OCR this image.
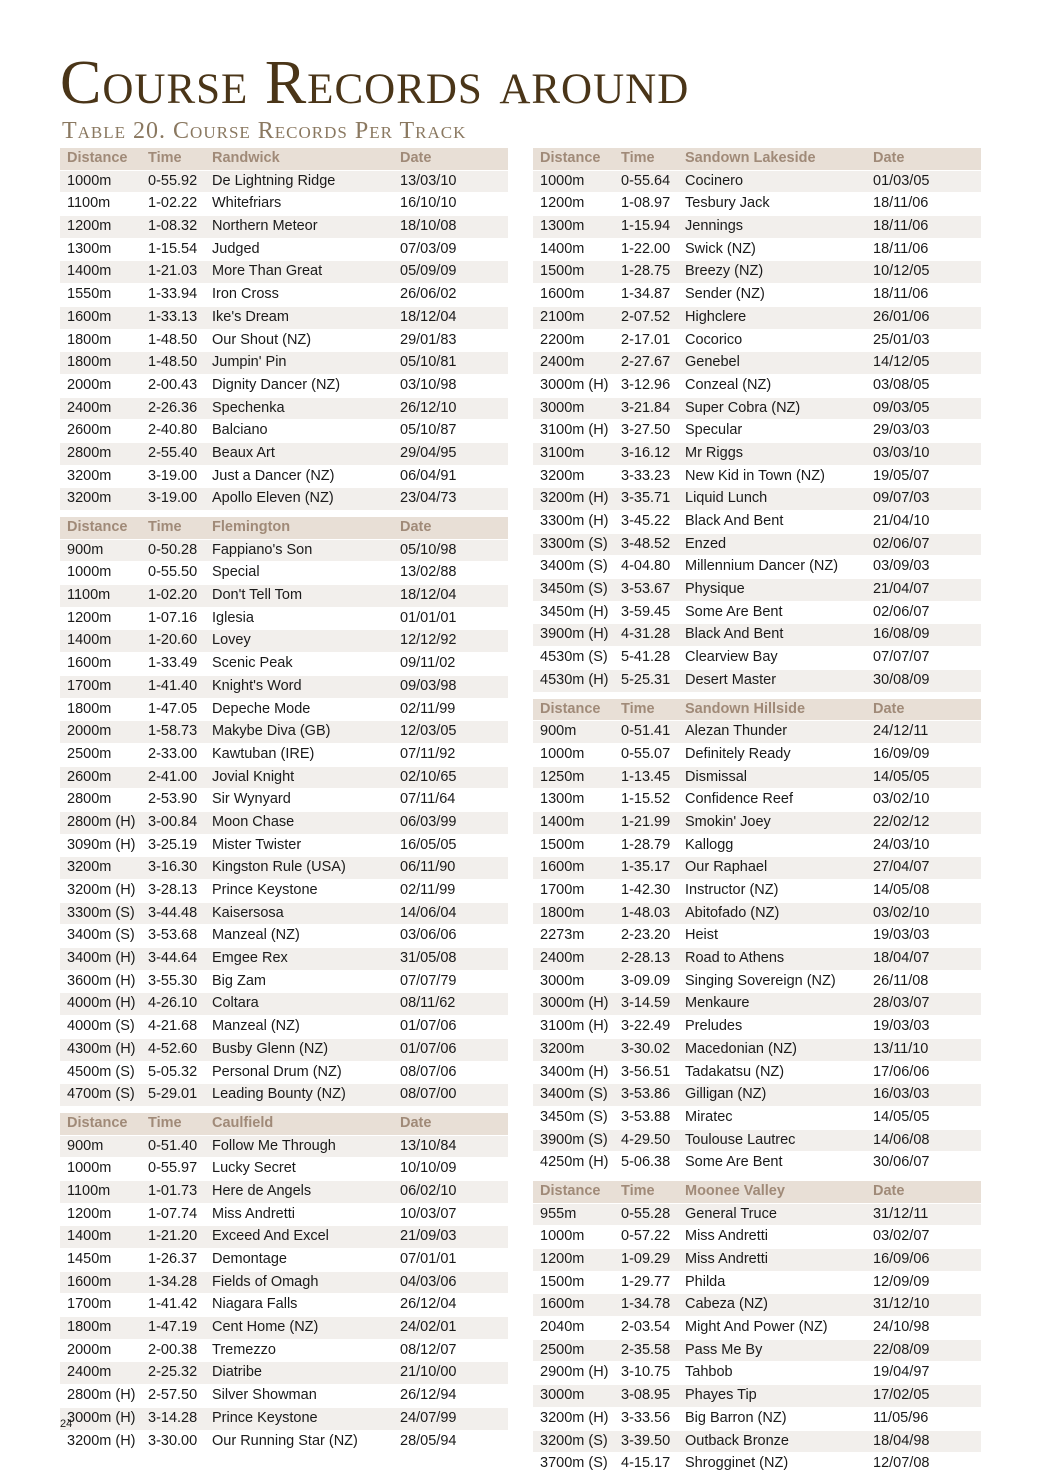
Course Records around
Table 20. Course Records Per Track
Distance	Time	Randwick	Date
1000m	0-55.92	De Lightning Ridge	13/03/10
1100m	1-02.22	Whitefriars	16/10/10
1200m	1-08.32	Northern Meteor	18/10/08
1300m	1-15.54	Judged	07/03/09
1400m	1-21.03	More Than Great	05/09/09
1550m	1-33.94	Iron Cross	26/06/02
1600m	1-33.13	Ike's Dream	18/12/04
1800m	1-48.50	Our Shout (NZ)	29/01/83
1800m	1-48.50	Jumpin' Pin	05/10/81
2000m	2-00.43	Dignity Dancer (NZ)	03/10/98
2400m	2-26.36	Spechenka	26/12/10
2600m	2-40.80	Balciano	05/10/87
2800m	2-55.40	Beaux Art	29/04/95
3200m	3-19.00	Just a Dancer (NZ)	06/04/91
3200m	3-19.00	Apollo Eleven (NZ)	23/04/73
Distance	Time	Flemington	Date
900m	0-50.28	Fappiano's Son	05/10/98
1000m	0-55.50	Special	13/02/88
1100m	1-02.20	Don't Tell Tom	18/12/04
1200m	1-07.16	Iglesia	01/01/01
1400m	1-20.60	Lovey	12/12/92
1600m	1-33.49	Scenic Peak	09/11/02
1700m	1-41.40	Knight's Word	09/03/98
1800m	1-47.05	Depeche Mode	02/11/99
2000m	1-58.73	Makybe Diva (GB)	12/03/05
2500m	2-33.00	Kawtuban (IRE)	07/11/92
2600m	2-41.00	Jovial Knight	02/10/65
2800m	2-53.90	Sir Wynyard	07/11/64
2800m (H) 3-00.84	Moon Chase	06/03/99
3090m (H) 3-25.19	Mister Twister	16/05/05
3200m	3-16.30	Kingston Rule (USA)	06/11/90
3200m (H) 3-28.13	Prince Keystone	02/11/99
3300m (S) 3-44.48	Kaisersosa	14/06/04
3400m (S) 3-53.68	Manzeal (NZ)	03/06/06
3400m (H) 3-44.64	Emgee Rex	31/05/08
3600m (H) 3-55.30	Big Zam	07/07/79
4000m (H) 4-26.10	Coltara	08/11/62
4000m (S) 4-21.68	Manzeal (NZ)	01/07/06
4300m (H) 4-52.60	Busby Glenn (NZ)	01/07/06
4500m (S) 5-05.32	Personal Drum (NZ)	08/07/06
4700m (S) 5-29.01	Leading Bounty (NZ)	08/07/00
Distance	Time	Caulfield	Date
900m	0-51.40	Follow Me Through	13/10/84
1000m	0-55.97	Lucky Secret	10/10/09
1100m	1-01.73	Here de Angels	06/02/10
1200m	1-07.74	Miss Andretti	10/03/07
1400m	1-21.20	Exceed And Excel	21/09/03
1450m	1-26.37	Demontage	07/01/01
1600m	1-34.28	Fields of Omagh	04/03/06
1700m	1-41.42	Niagara Falls	26/12/04
1800m	1-47.19	Cent Home (NZ)	24/02/01
2000m	2-00.38	Tremezzo	08/12/07
2400m	2-25.32	Diatribe	21/10/00
2800m (H) 2-57.50	Silver Showman	26/12/94
3000m (H) 3-14.28	Prince Keystone	24/07/99
3200m (H) 3-30.00	Our Running Star (NZ)	28/05/94
Distance	Time	Sandown Lakeside	Date
1000m	0-55.64	Cocinero	01/03/05
1200m	1-08.97	Tesbury Jack	18/11/06
1300m	1-15.94	Jennings	18/11/06
1400m	1-22.00	Swick (NZ)	18/11/06
1500m	1-28.75	Breezy (NZ)	10/12/05
1600m	1-34.87	Sender (NZ)	18/11/06
2100m	2-07.52	Highclere	26/01/06
2200m	2-17.01	Cocorico	25/01/03
2400m	2-27.67	Genebel	14/12/05
3000m (H) 3-12.96	Conzeal (NZ)	03/08/05
3000m	3-21.84	Super Cobra (NZ)	09/03/05
3100m (H) 3-27.50	Specular	29/03/03
3100m	3-16.12	Mr Riggs	03/03/10
3200m	3-33.23	New Kid in Town (NZ)	19/05/07
3200m (H) 3-35.71	Liquid Lunch	09/07/03
3300m (H) 3-45.22	Black And Bent	21/04/10
3300m (S) 3-48.52	Enzed	02/06/07
3400m (S) 4-04.80	Millennium Dancer (NZ)	03/09/03
3450m (S) 3-53.67	Physique	21/04/07
3450m (H) 3-59.45	Some Are Bent	02/06/07
3900m (H) 4-31.28	Black And Bent	16/08/09
4530m (S) 5-41.28	Clearview Bay	07/07/07
4530m (H) 5-25.31	Desert Master	30/08/09
Distance	Time	Sandown Hillside	Date
900m	0-51.41	Alezan Thunder	24/12/11
1000m	0-55.07	Definitely Ready	16/09/09
1250m	1-13.45	Dismissal	14/05/05
1300m	1-15.52	Confidence Reef	03/02/10
1400m	1-21.99	Smokin' Joey	22/02/12
1500m	1-28.79	Kallogg	24/03/10
1600m	1-35.17	Our Raphael	27/04/07
1700m	1-42.30	Instructor (NZ)	14/05/08
1800m	1-48.03	Abitofado (NZ)	03/02/10
2273m	2-23.20	Heist	19/03/03
2400m	2-28.13	Road to Athens	18/04/07
3000m	3-09.09	Singing Sovereign (NZ)	26/11/08
3000m (H) 3-14.59	Menkaure	28/03/07
3100m (H) 3-22.49	Preludes	19/03/03
3200m	3-30.02	Macedonian (NZ)	13/11/10
3400m (H) 3-56.51	Tadakatsu (NZ)	17/06/06
3400m (S) 3-53.86	Gilligan (NZ)	16/03/03
3450m (S) 3-53.88	Miratec	14/05/05
3900m (S) 4-29.50	Toulouse Lautrec	14/06/08
4250m (H) 5-06.38	Some Are Bent	30/06/07
Distance	Time	Moonee Valley	Date
955m	0-55.28	General Truce	31/12/11
1000m	0-57.22	Miss Andretti	03/02/07
1200m	1-09.29	Miss Andretti	16/09/06
1500m	1-29.77	Philda	12/09/09
1600m	1-34.78	Cabeza (NZ)	31/12/10
2040m	2-03.54	Might And Power (NZ)	24/10/98
2500m	2-35.58	Pass Me By	22/08/09
2900m (H) 3-10.75	Tahbob	19/04/97
3000m	3-08.95	Phayes Tip	17/02/05
3200m (H) 3-33.56	Big Barron (NZ)	11/05/96
3200m (S) 3-39.50	Outback Bronze	18/04/98
3700m (S) 4-15.17	Shrogginet (NZ)	12/07/08
24
